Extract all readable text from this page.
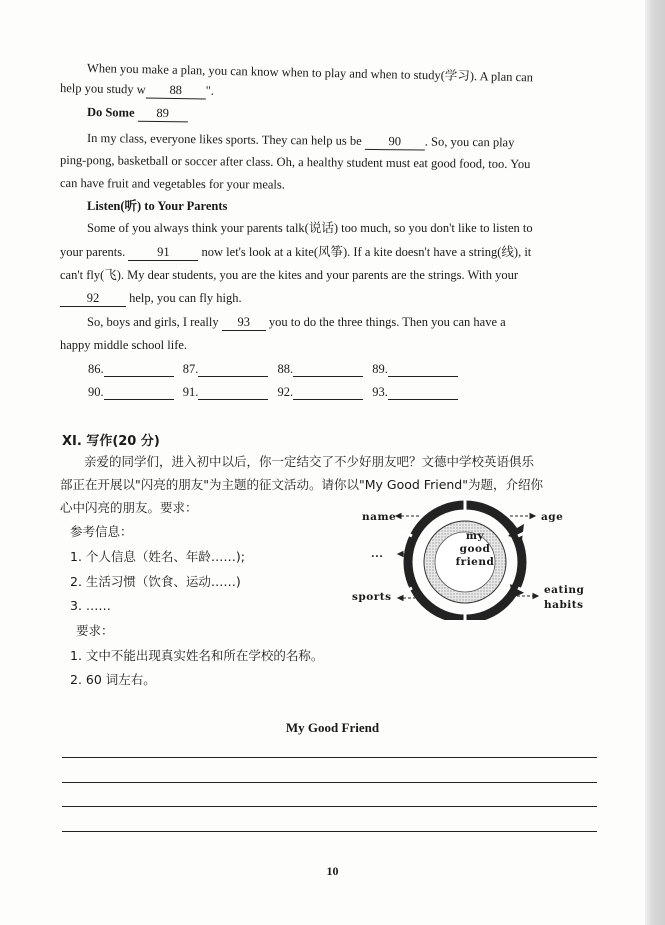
When you make a plan, you can know when to play and when to study(学习). A plan can
help you study w 88 ".
Do Some 89
In my class, everyone likes sports. They can help us be 90 . So, you can play
ping-pong, basketball or soccer after class. Oh, a healthy student must eat good food, too. You
can have fruit and vegetables for your meals.
Listen(听) to Your Parents
Some of you always think your parents talk(说话) too much, so you don't like to listen to
your parents.	91	now let's look at a kite(风筝). If a kite doesn't have a string(线), it
can't fly(飞). My dear students, you are the kites and your parents are the strings. With your
92 help, you can fly high.
So, boys and girls, I really 93 you to do the three things. Then you can have a
happy middle school life.
86.	87.	88.	89.
90.	91.	92.	93.
XI. 写作(20 分)
亲爱的同学们，进入初中以后，你一定结交了不少好朋友吧？文德中学校英语俱乐
部正在开展以"闪亮的朋友"为主题的征文活动。请你以"My Good Friend"为题，介绍你
心中闪亮的朋友。要求：
参考信息：
1. 个人信息（姓名、年龄……);
2. 生活习惯（饮食、运动……)
3. ……
要求：
1. 文中不能出现真实姓名和所在学校的名称。
2. 60 词左右。
my
good
friend
name	age
...
sports
eating
habits
My Good Friend
10
